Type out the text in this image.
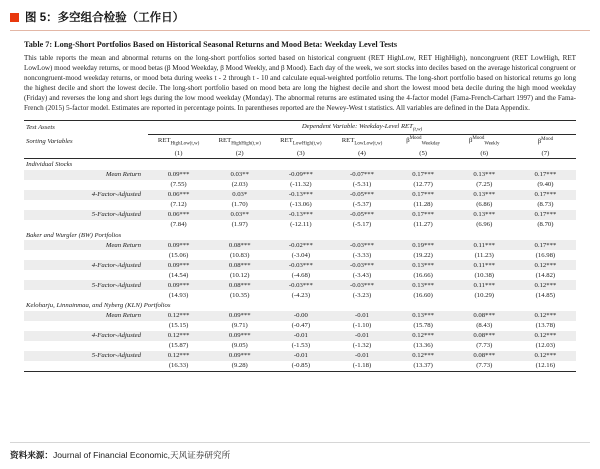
图 5：多空组合检验（工作日）
Table 7: Long-Short Portfolios Based on Historical Seasonal Returns and Mood Beta: Weekday Level Tests
This table reports the mean and abnormal returns on the long-short portfolios sorted based on historical congruent (RET HighLow, RET HighHigh), noncongruent (RET LowHigh, RET LowLow) mood weekday returns, or mood betas (β Mood Weekday, β Mood Weekly, and β Mood). Each day of the week, we sort stocks into deciles based on the average historical congruent or noncongruent-mood weekday returns, or mood beta during weeks t - 2 through t - 10 and calculate equal-weighted portfolio returns. The long-short portfolio based on historical returns go long the highest decile and short the lowest decile. The long-short portfolio based on mood beta are long the highest decile and short the lowest mood beta decile during the high mood weekday (Friday) and reverses the long and short legs during the low mood weekday (Monday). The abnormal returns are estimated using the 4-factor model (Fama-French-Carhart 1997) and the Fama-French (2015) 5-factor model. Estimates are reported in percentage points. In parentheses reported are the Newey-West t statistics. All variables are defined in the Data Appendix.
Test Assets	Dependent Variable: Weekday-Level $RET_{(t,w)}$
Sorting Variables	$RET_{HighLow(t,w)}$	$RET_{HighHigh(t,w)}$	$RET_{LowHigh(t,w)}$	$RET_{LowLow(t,w)}$	$\beta^{Mood}_{Weekday}$	$\beta^{Mood}_{Weekly}$	$\beta^{Mood}$
	(1)	(2)	(3)	(4)	(5)	(6)	(7)
Individual Stocks							
Mean Return	0.09***	0.03**	-0.09***	-0.07***	0.17***	0.13***	0.17***
	(7.55)	(2.03)	(-11.32)	(-5.31)	(12.77)	(7.25)	(9.40)
4-Factor-Adjusted	0.06***	0.03*	-0.13***	-0.05***	0.17***	0.13***	0.17***
	(7.12)	(1.70)	(-13.06)	(-5.37)	(11.28)	(6.86)	(8.73)
5-Factor-Adjusted	0.06***	0.03**	-0.13***	-0.05***	0.17***	0.13***	0.17***
	(7.84)	(1.97)	(-12.11)	(-5.17)	(11.27)	(6.96)	(8.70)
Baker and Wurgler (BW) Portfolios							
Mean Return	0.09***	0.08***	-0.02***	-0.03***	0.19***	0.11***	0.17***
	(15.06)	(10.83)	(-3.04)	(-3.33)	(19.22)	(11.23)	(16.98)
4-Factor-Adjusted	0.09***	0.08***	-0.03***	-0.03***	0.13***	0.11***	0.12***
	(14.54)	(10.12)	(-4.68)	(-3.43)	(16.66)	(10.38)	(14.82)
5-Factor-Adjusted	0.09***	0.08***	-0.03***	-0.03***	0.13***	0.11***	0.12***
	(14.93)	(10.35)	(-4.23)	(-3.23)	(16.60)	(10.29)	(14.85)
Keloharju, Linnainmaa, and Nyberg (KLN) Portfolios							
Mean Return	0.12***	0.09***	-0.00	-0.01	0.13***	0.08***	0.12***
	(15.15)	(9.71)	(-0.47)	(-1.10)	(15.78)	(8.43)	(13.78)
4-Factor-Adjusted	0.12***	0.09***	-0.01	-0.01	0.12***	0.08***	0.12***
	(15.87)	(9.05)	(-1.53)	(-1.32)	(13.36)	(7.73)	(12.03)
5-Factor-Adjusted	0.12***	0.09***	-0.01	-0.01	0.12***	0.08***	0.12***
	(16.33)	(9.28)	(-0.85)	(-1.18)	(13.37)	(7.73)	(12.16)
资料来源：Journal of Financial Economic,天风证券研究所
